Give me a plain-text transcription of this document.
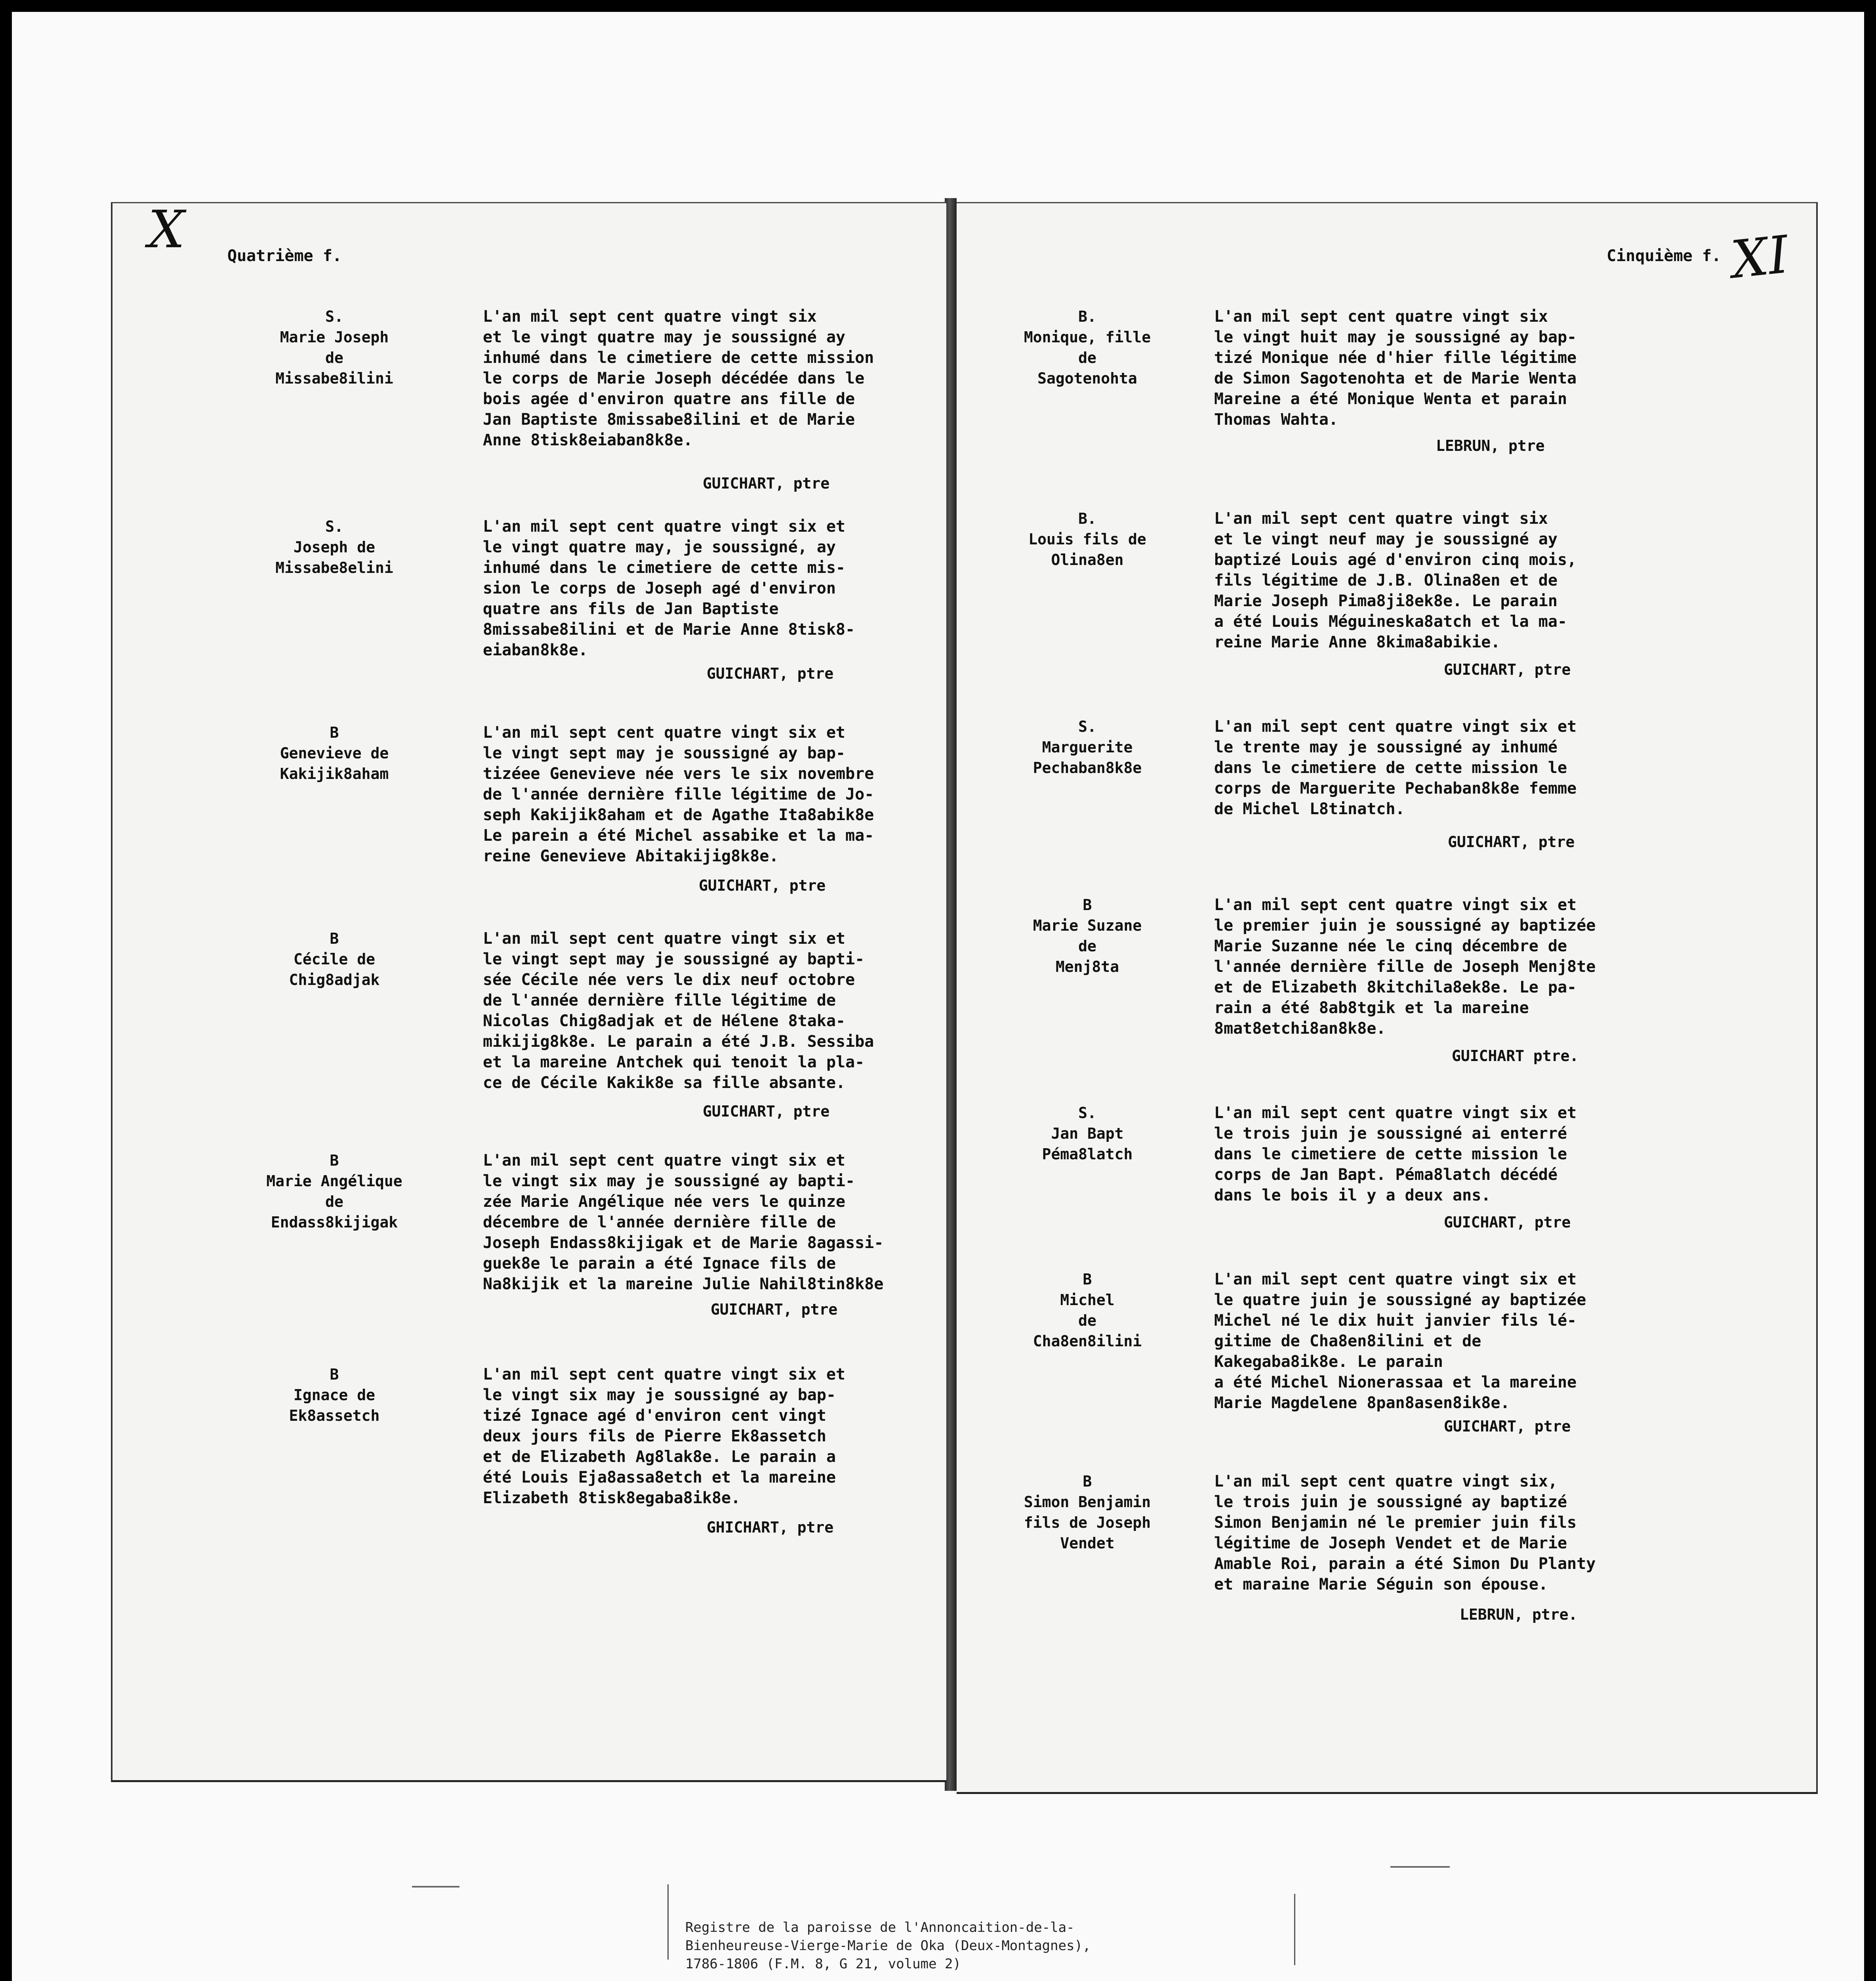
X	Quatrième f.
S.
Marie Joseph
de
Missabe8ilini
L'an mil sept cent quatre vingt six
et le vingt quatre may je soussigné ay
inhumé dans le cimetiere de cette mission
le corps de Marie Joseph décédée dans le
bois agée d'environ quatre ans fille de
Jan Baptiste 8missabe8ilini et de Marie
Anne 8tisk8eiaban8k8e.
GUICHART, ptre
S.
Joseph de
Missabe8elini
L'an mil sept cent quatre vingt six et
le vingt quatre may, je soussigné, ay
inhumé dans le cimetiere de cette mis-
sion le corps de Joseph agé d'environ
quatre ans fils de Jan Baptiste
8missabe8ilini et de Marie Anne 8tisk8-
eiaban8k8e.
GUICHART, ptre
B
Genevieve de
Kakijik8aham
L'an mil sept cent quatre vingt six et
le vingt sept may je soussigné ay bap-
tizéee Genevieve née vers le six novembre
de l'année dernière fille légitime de Jo-
seph Kakijik8aham et de Agathe Ita8abik8e
Le parein a été Michel assabike et la ma-
reine Genevieve Abitakijig8k8e.
GUICHART, ptre
B
Cécile de
Chig8adjak
L'an mil sept cent quatre vingt six et
le vingt sept may je soussigné ay bapti-
sée Cécile née vers le dix neuf octobre
de l'année dernière fille légitime de
Nicolas Chig8adjak et de Hélene 8taka-
mikijig8k8e. Le parain a été J.B. Sessiba
et la mareine Antchek qui tenoit la pla-
ce de Cécile Kakik8e sa fille absante.
GUICHART, ptre
B
Marie Angélique
de
Endass8kijigak
L'an mil sept cent quatre vingt six et
le vingt six may je soussigné ay bapti-
zée Marie Angélique née vers le quinze
décembre de l'année dernière fille de
Joseph Endass8kijigak et de Marie 8agassi-
guek8e le parain a été Ignace fils de
Na8kijik et la mareine Julie Nahil8tin8k8e
GUICHART, ptre
B
Ignace de
Ek8assetch
L'an mil sept cent quatre vingt six et
le vingt six may je soussigné ay bap-
tizé Ignace agé d'environ cent vingt
deux jours fils de Pierre Ek8assetch
et de Elizabeth Ag8lak8e. Le parain a
été Louis Eja8assa8etch et la mareine
Elizabeth 8tisk8egaba8ik8e.
GHICHART, ptre
XI
Cinquième f.
B.
Monique, fille
de
Sagotenohta
L'an mil sept cent quatre vingt six
le vingt huit may je soussigné ay bap-
tizé Monique née d'hier fille légitime
de Simon Sagotenohta et de Marie Wenta
Mareine a été Monique Wenta et parain
Thomas Wahta.
LEBRUN, ptre
B.
Louis fils de
Olina8en
L'an mil sept cent quatre vingt six
et le vingt neuf may je soussigné ay
baptizé Louis agé d'environ cinq mois,
fils légitime de J.B. Olina8en et de
Marie Joseph Pima8ji8ek8e. Le parain
a été Louis Méguineska8atch et la ma-
reine Marie Anne 8kima8abikie.
GUICHART, ptre
S.
Marguerite
Pechaban8k8e
L'an mil sept cent quatre vingt six et
le trente may je soussigné ay inhumé
dans le cimetiere de cette mission le
corps de Marguerite Pechaban8k8e femme
de Michel L8tinatch.
GUICHART, ptre
B
Marie Suzane
de
Menj8ta
L'an mil sept cent quatre vingt six et
le premier juin je soussigné ay baptizée
Marie Suzanne née le cinq décembre de
l'année dernière fille de Joseph Menj8te
et de Elizabeth 8kitchila8ek8e. Le pa-
rain a été 8ab8tgik et la mareine
8mat8etchi8an8k8e.
GUICHART ptre.
S.
Jan Bapt
Péma8latch
L'an mil sept cent quatre vingt six et
le trois juin je soussigné ai enterré
dans le cimetiere de cette mission le
corps de Jan Bapt. Péma8latch décédé
dans le bois il y a deux ans.
GUICHART, ptre
B
Michel
de
Cha8en8ilini
L'an mil sept cent quatre vingt six et
le quatre juin je soussigné ay baptizée
Michel né le dix huit janvier fils lé-
gitime de Cha8en8ilini et de
Kakegaba8ik8e. Le parain
a été Michel Nionerassaa et la mareine
Marie Magdelene 8pan8asen8ik8e.
GUICHART, ptre
B
Simon Benjamin
fils de Joseph
Vendet
L'an mil sept cent quatre vingt six,
le trois juin je soussigné ay baptizé
Simon Benjamin né le premier juin fils
légitime de Joseph Vendet et de Marie
Amable Roi, parain a été Simon Du Planty
et maraine Marie Séguin son épouse.
LEBRUN, ptre.

Registre de la paroisse de l'Annoncaition-de-la-
Bienheureuse-Vierge-Marie de Oka (Deux-Montagnes),
1786-1806 (F.M. 8, G 21, volume 2)
